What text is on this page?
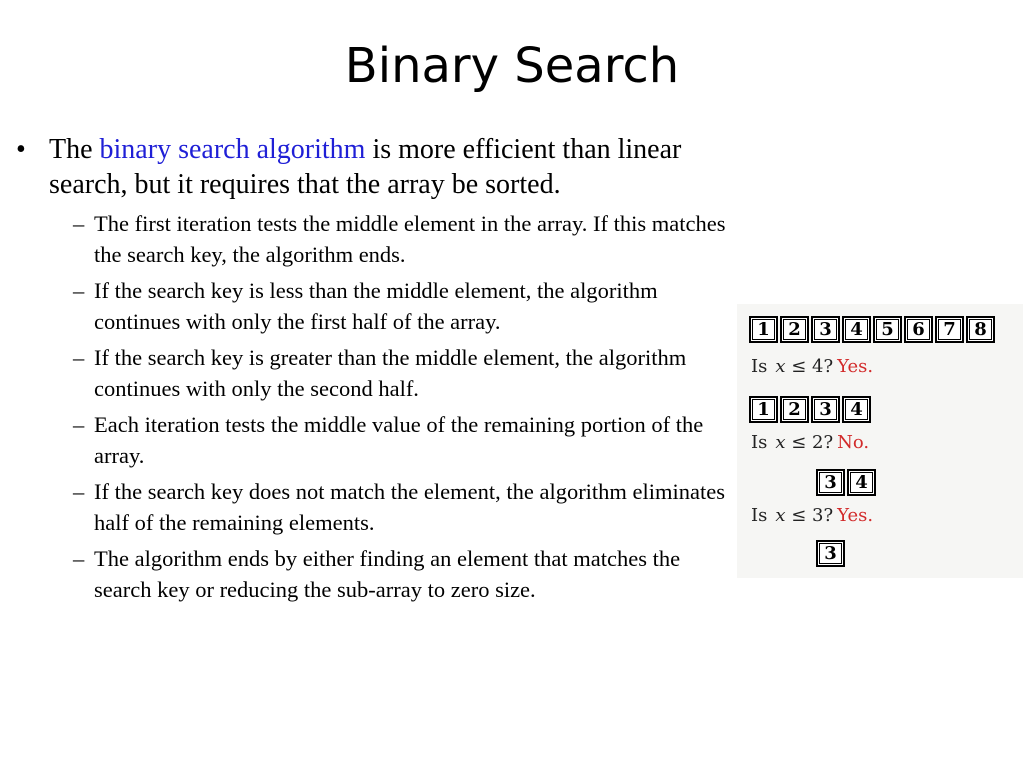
Binary Search
• The binary search algorithm is more efficient than linear search, but it requires that the array be sorted.
– The first iteration tests the middle element in the array. If this matches the search key, the algorithm ends.
– If the search key is less than the middle element, the algorithm continues with only the first half of the array.
– If the search key is greater than the middle element, the algorithm continues with only the second half.
– Each iteration tests the middle value of the remaining portion of the array.
– If the search key does not match the element, the algorithm eliminates half of the remaining elements.
– The algorithm ends by either finding an element that matches the search key or reducing the sub-array to zero size.
1	2	3	4	5	6	7	8
Is x ≤ 4? Yes.
1	2	3	4
Is x ≤ 2? No.
3	4
Is x ≤ 3? Yes.
3
